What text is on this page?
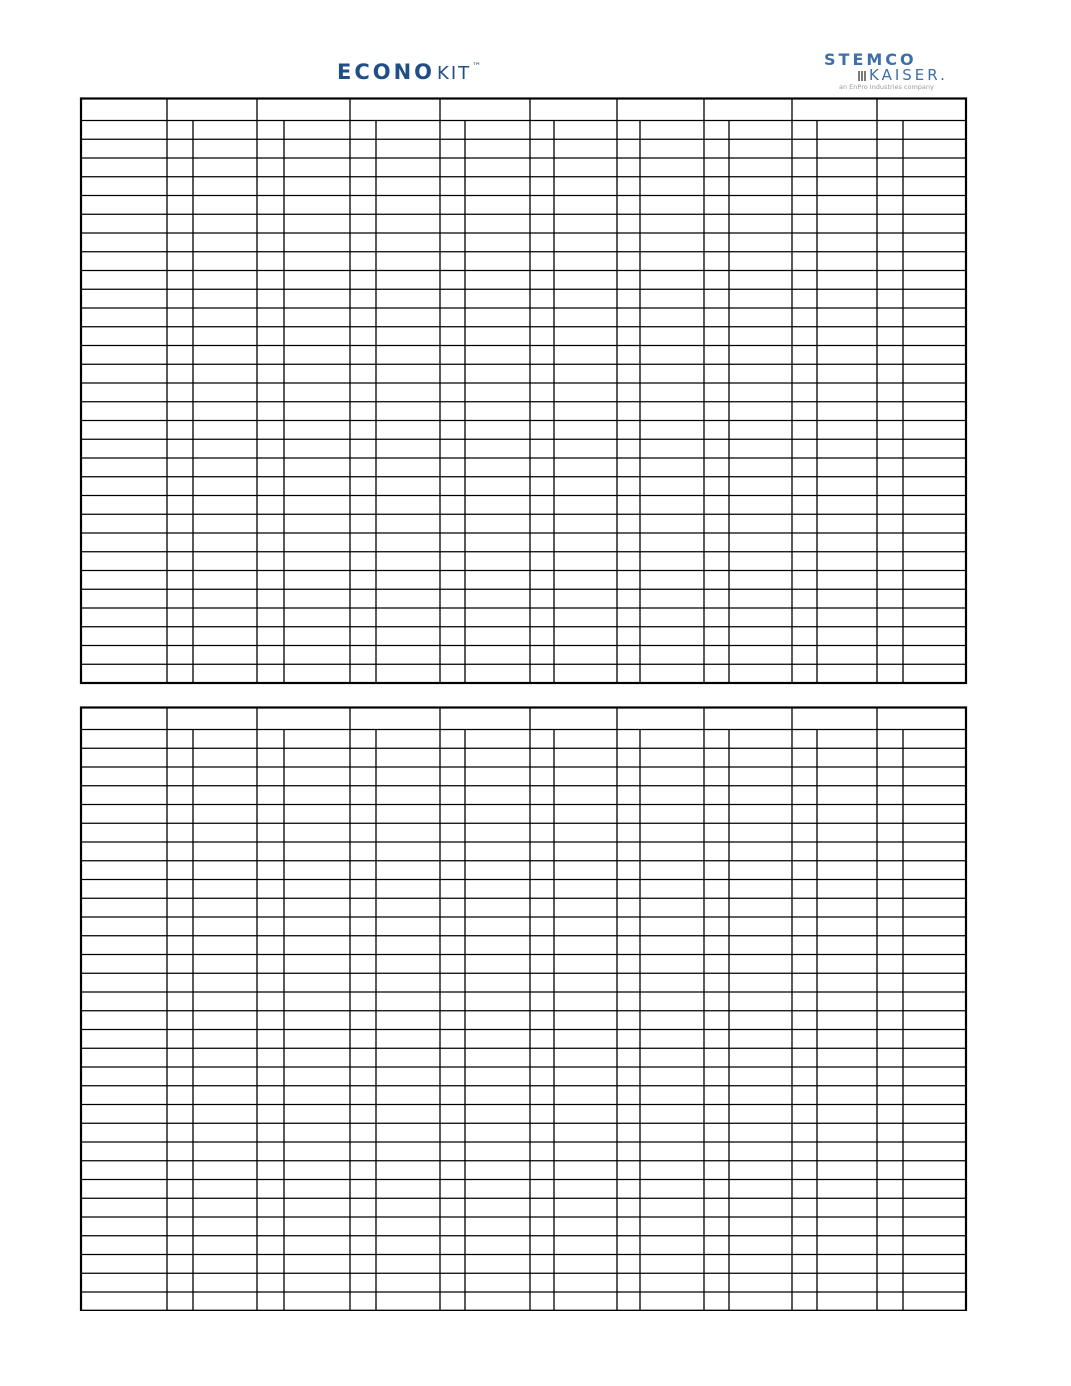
ECONO KIT ™	STEMCO
KAISER.
an EnPro Industries company
